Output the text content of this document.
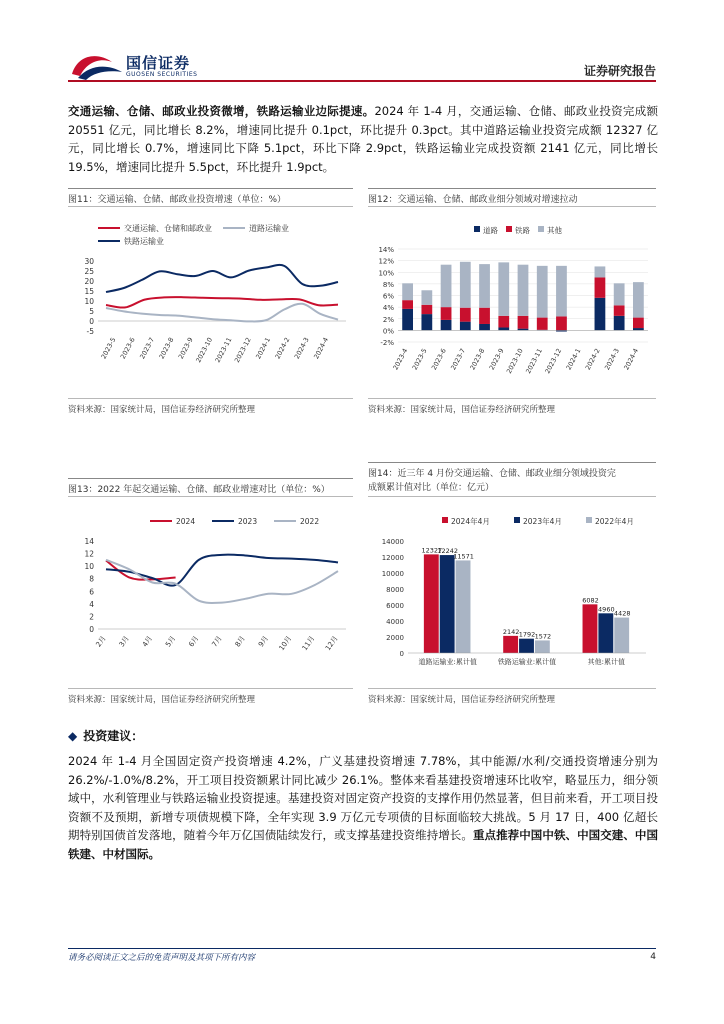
国信证券
GUOSEN SECURITIES	证券研究报告
交通运输、仓储、邮政业投资微增，铁路运输业边际提速。2024 年 1-4 月，交通运输、仓储、邮政业投资完成额 20551 亿元，同比增长 8.2%，增速同比提升 0.1pct，环比提升 0.3pct。其中道路运输业投资完成额 12327 亿元，同比增长 0.7%，增速同比下降 5.1pct，环比下降 2.9pct，铁路运输业完成投资额 2141 亿元，同比增长 19.5%，增速同比提升 5.5pct，环比提升 1.9pct。
图11：交通运输、仓储、邮政业投资增速（单位：%）
交通运输、仓储和邮政业	道路运输业
铁路运输业
-5
0
5
10
15
20
25
30
2023-5 2023-6 2023-7 2023-8 2023-9 2023-10 2023-11 2023-12 2024-1 2024-2 2024-3 2024-4
资料来源：国家统计局，国信证券经济研究所整理
图12：交通运输、仓储、邮政业细分领域对增速拉动
道路 铁路 其他
-2%
0%
2%
4%
6%
8%
10%
12%
14%
2023-4 2023-5 2023-6 2023-7 2023-8 2023-9 2023-10 2023-11 2023-12 2024-1 2024-2 2024-3 2024-4
资料来源：国家统计局，国信证券经济研究所整理
图13：2022 年起交通运输、仓储、邮政业增速对比（单位：%）
2024	2023	2022
0
2
4
6
8
10
12
14
2月 3月 4月 5月 6月 7月 8月 9月 10月 11月 12月
资料来源：国家统计局，国信证券经济研究所整理
图14：近三年 4 月份交通运输、仓储、邮政业细分领域投资完
成额累计值对比（单位：亿元）
2024年4月	2023年4月	2022年4月
0
2000
4000
6000
8000
10000
12000
14000
12327
12242
11571
道路运输业:累计值
2142 1792 1572
铁路运输业:累计值
6082
4960
4428
其他:累计值
资料来源：国家统计局，国信证券经济研究所整理
◆ 投资建议：
2024 年 1-4 月全国固定资产投资增速 4.2%，广义基建投资增速 7.78%，其中能源/水利/交通投资增速分别为 26.2%/-1.0%/8.2%，开工项目投资额累计同比减少 26.1%。整体来看基建投资增速环比收窄，略显压力，细分领域中，水利管理业与铁路运输业投资提速。基建投资对固定资产投资的支撑作用仍然显著，但目前来看，开工项目投资额不及预期，新增专项债规模下降，全年实现 3.9 万亿元专项债的目标面临较大挑战。5 月 17 日，400 亿超长期特别国债首发落地，随着今年万亿国债陆续发行，或支撑基建投资维持增长。重点推荐中国中铁、中国交建、中国铁建、中材国际。
请务必阅读正文之后的免责声明及其项下所有内容	4
